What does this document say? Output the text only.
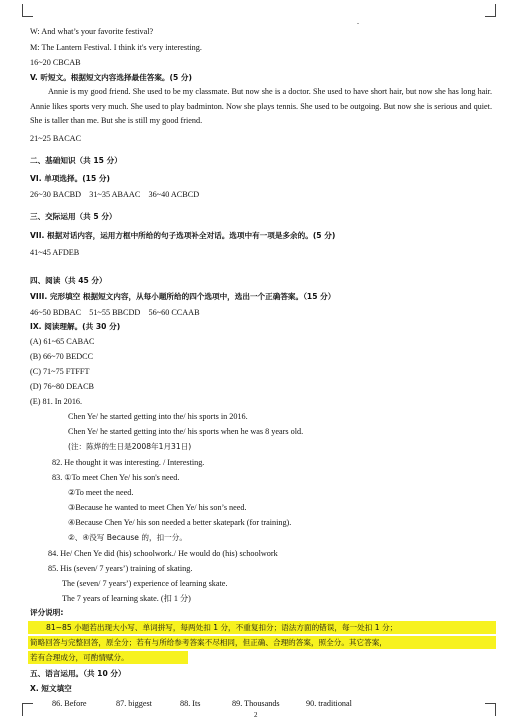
.
W: And what’s your favorite festival?
M: The Lantern Festival. I think it's very interesting.
16~20 CBCAB
V. 听短文。根据短文内容选择最佳答案。(5 分)
Annie is my good friend. She used to be my classmate. But now she is a doctor. She used to have short hair, but now she has long hair. Annie likes sports very much. She used to play badminton. Now she plays tennis. She used to be outgoing. But now she is serious and quiet. She is taller than me. But she is still my good friend.
21~25 BACAC
二、基础知识（共 15 分）
VI. 单项选择。(15 分)
26~30 BACBD    31~35 ABAAC    36~40 ACBCD
三、交际运用（共 5 分）
VII. 根据对话内容，运用方框中所给的句子选项补全对话。选项中有一项是多余的。(5 分)
41~45 AFDEB
四、阅读（共 45 分）
VIII. 完形填空 根据短文内容，从每小题所给的四个选项中，选出一个正确答案。（15 分）
46~50 BDBAC    51~55 BBCDD    56~60 CCAAB
IX. 阅读理解。(共 30 分)
(A) 61~65 CABAC
(B) 66~70 BEDCC
(C) 71~75 FTFFT
(D) 76~80 DEACB
(E) 81. In 2016.
Chen Ye/ he started getting into the/ his sports in 2016.
Chen Ye/ he started getting into the/ his sports when he was 8 years old.
(注：陈烨的生日是2008年1月31日)
82. He thought it was interesting. / Interesting.
83. ①To meet Chen Ye/ his son's need.
②To meet the need.
③Because he wanted to meet Chen Ye/ his son’s need.
④Because Chen Ye/ his son needed a better skatepark (for training).
②、④没写 Because 的，扣一分。
84. He/ Chen Ye did (his) schoolwork./ He would do (his) schoolwork
85. His (seven/ 7 years’) training of skating.
The (seven/ 7 years’) experience of learning skate.
The 7 years of learning skate. (扣 1 分)
评分说明:
81~85 小题若出现大小写、单词拼写，每两处扣 1 分，不重复扣分；语法方面的错误，每一处扣 1 分；
简略回答与完整回答，原全分；若有与所给参考答案不尽相同，但正确、合理的答案，照全分。其它答案，
若有合理成分，可酌情赋分。
五、语言运用。（共 10 分）
X. 短文填空
86. Before	87. biggest	88. Its	89. Thousands	90. traditional
2
